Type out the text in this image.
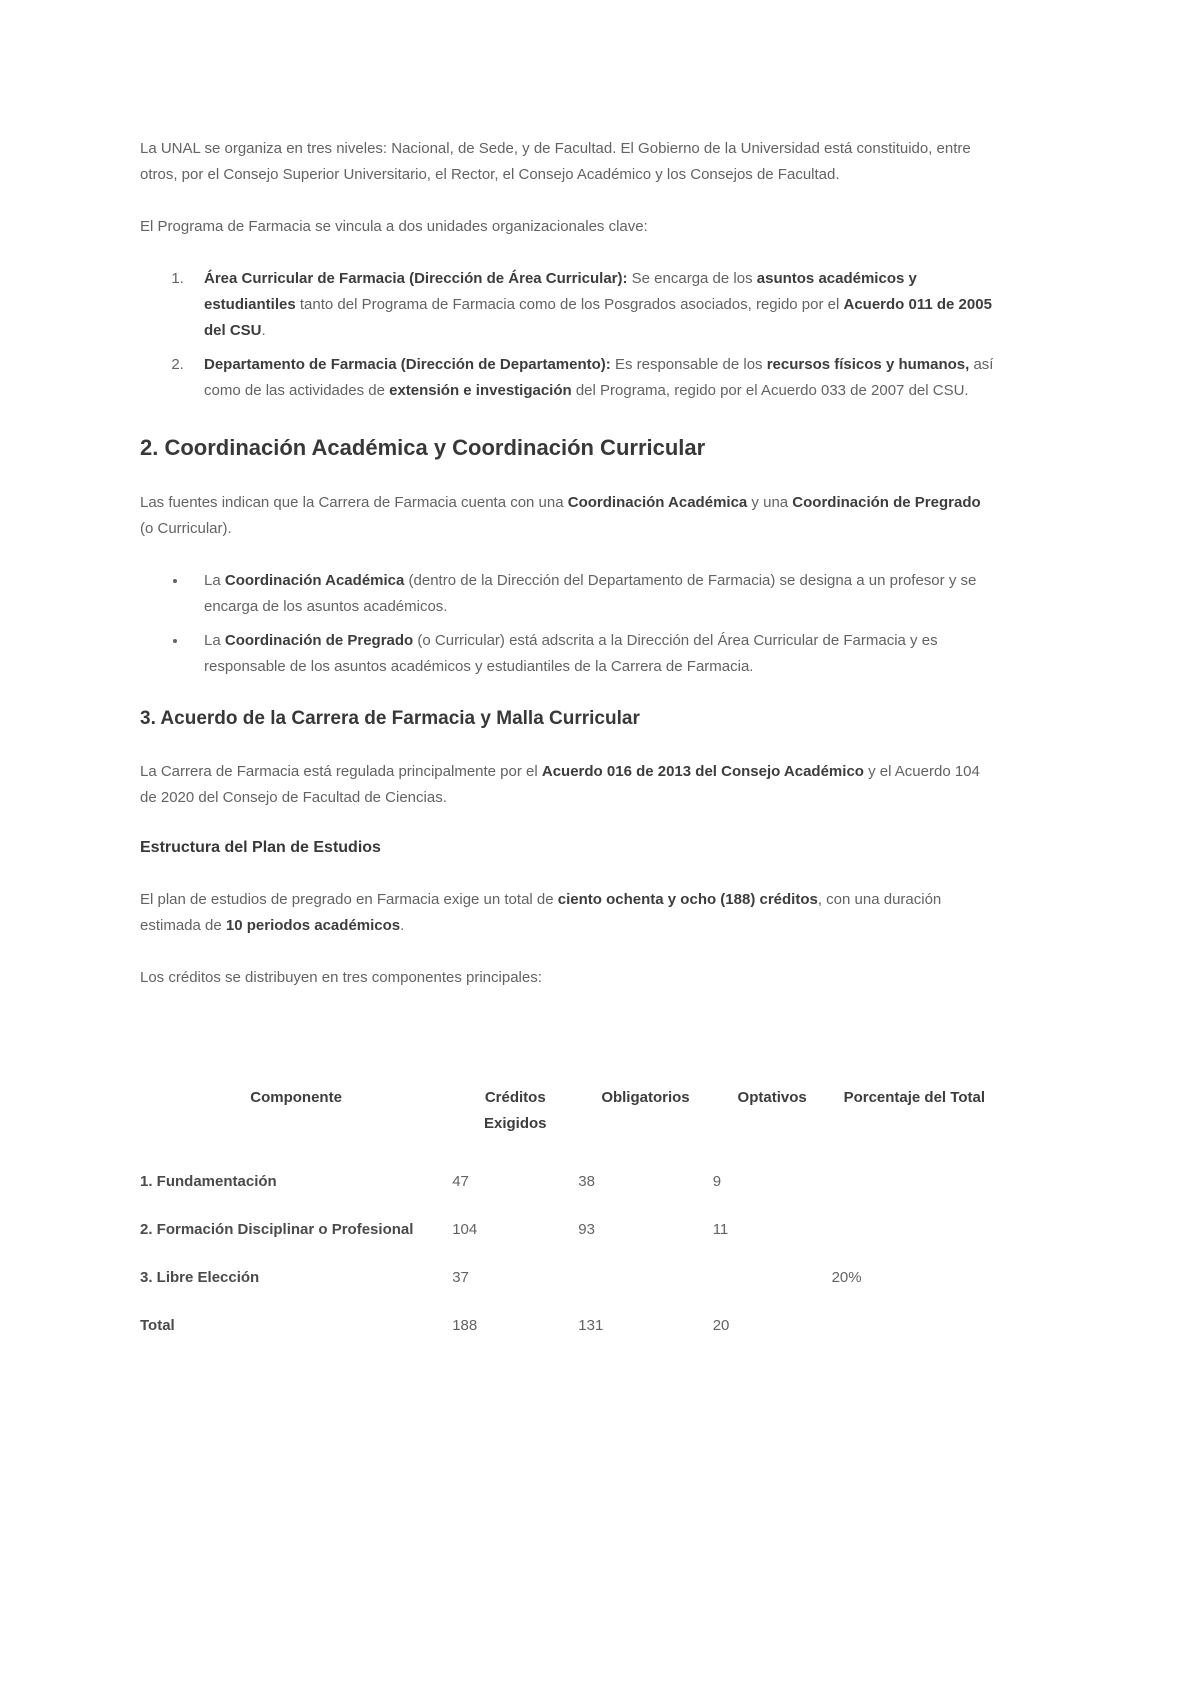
La UNAL se organiza en tres niveles: Nacional, de Sede, y de Facultad. El Gobierno de la Universidad está constituido, entre otros, por el Consejo Superior Universitario, el Rector, el Consejo Académico y los Consejos de Facultad.

El Programa de Farmacia se vincula a dos unidades organizacionales clave:

1. Área Curricular de Farmacia (Dirección de Área Curricular): Se encarga de los asuntos académicos y estudiantiles tanto del Programa de Farmacia como de los Posgrados asociados, regido por el Acuerdo 011 de 2005 del CSU.
2. Departamento de Farmacia (Dirección de Departamento): Es responsable de los recursos físicos y humanos, así como de las actividades de extensión e investigación del Programa, regido por el Acuerdo 033 de 2007 del CSU.
2. Coordinación Académica y Coordinación Curricular

Las fuentes indican que la Carrera de Farmacia cuenta con una Coordinación Académica y una Coordinación de Pregrado (o Curricular).

• La Coordinación Académica (dentro de la Dirección del Departamento de Farmacia) se designa a un profesor y se encarga de los asuntos académicos.
• La Coordinación de Pregrado (o Curricular) está adscrita a la Dirección del Área Curricular de Farmacia y es responsable de los asuntos académicos y estudiantiles de la Carrera de Farmacia.
3. Acuerdo de la Carrera de Farmacia y Malla Curricular

La Carrera de Farmacia está regulada principalmente por el Acuerdo 016 de 2013 del Consejo Académico y el Acuerdo 104 de 2020 del Consejo de Facultad de Ciencias.

Estructura del Plan de Estudios

El plan de estudios de pregrado en Farmacia exige un total de ciento ochenta y ocho (188) créditos, con una duración estimada de 10 periodos académicos.

Los créditos se distribuyen en tres componentes principales:

Componente	Créditos Exigidos	Obligatorios	Optativos	Porcentaje del Total
1. Fundamentación	47	38	9	
2. Formación Disciplinar o Profesional	104	93	11	
3. Libre Elección	37			20%
Total	188	131	20	
